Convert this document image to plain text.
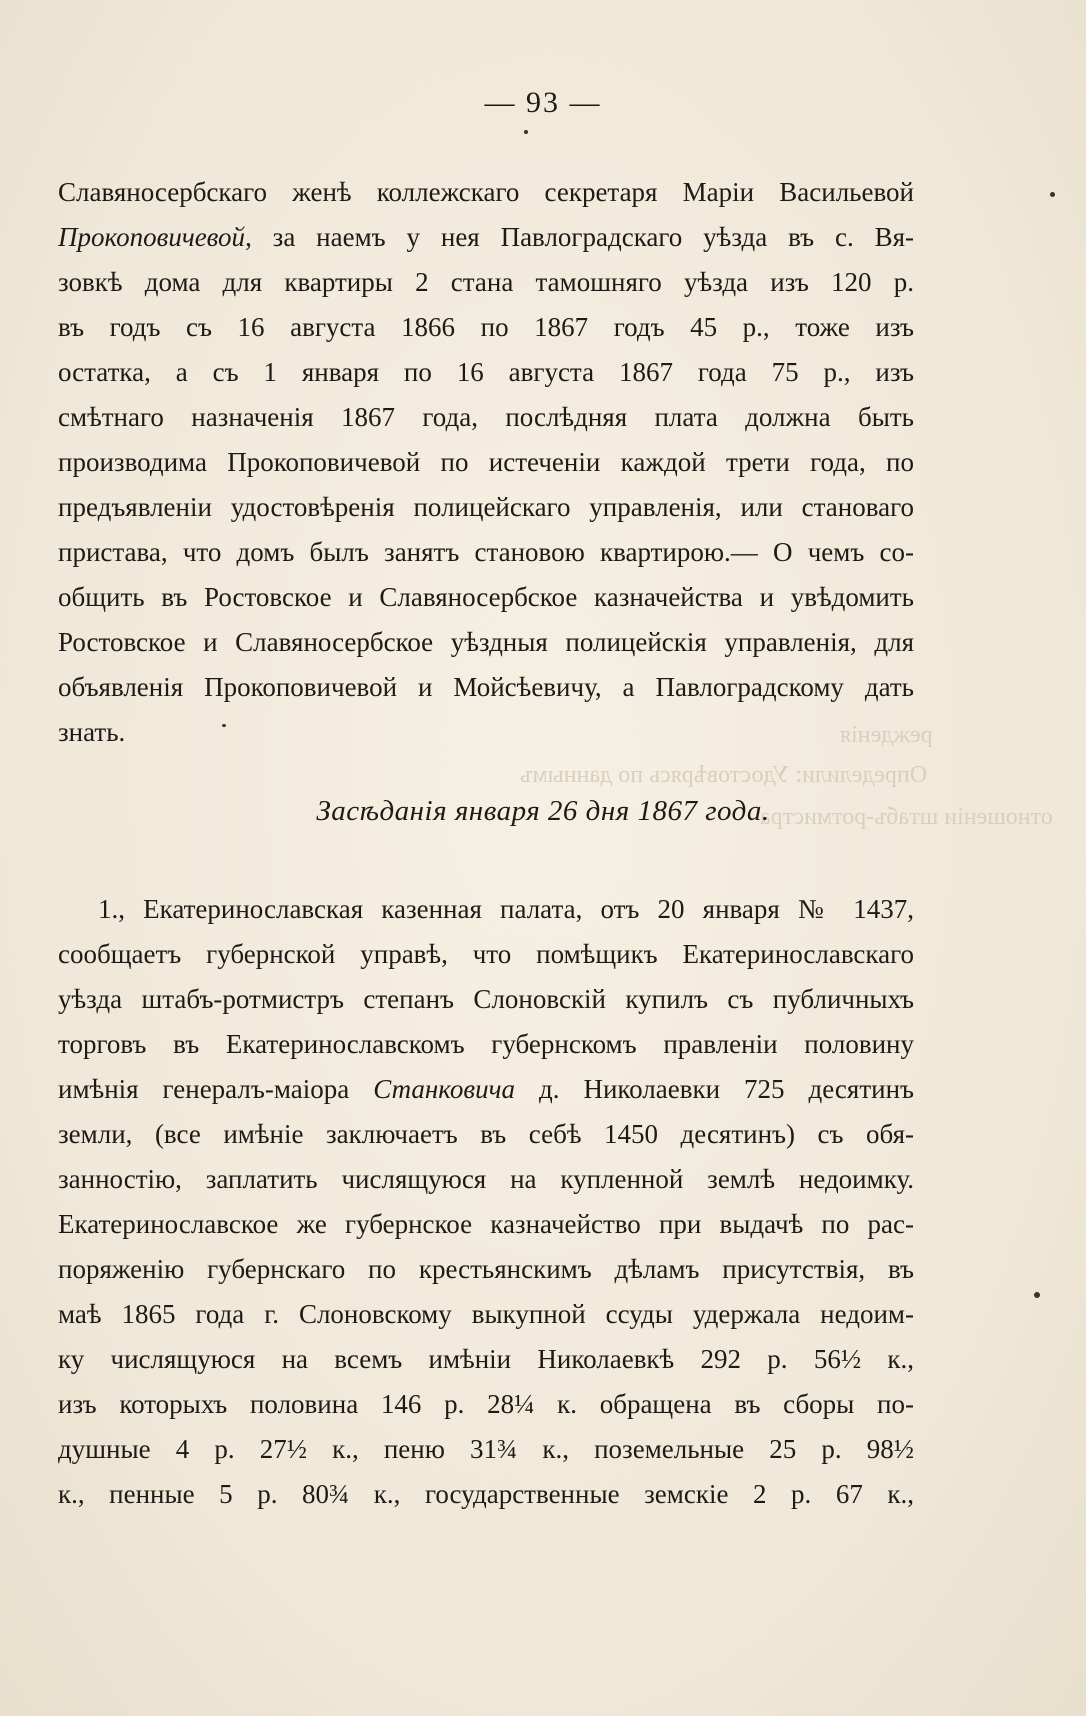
— 93 —
режденія
Определили: Удостовѣрясь по даннымъ
отношеніи штабъ-ротмистра
Славяносербскаго женѣ коллежскаго секретаря Маріи Васильевой
Прокоповичевой, за наемъ у нея Павлоградскаго уѣзда въ с. Вя-
зовкѣ дома для квартиры 2 стана тамошняго уѣзда изъ 120 р.
въ годъ съ 16 августа 1866 по 1867 годъ 45 р., тоже изъ
остатка, а съ 1 января по 16 августа 1867 года 75 р., изъ
смѣтнаго назначенія 1867 года, послѣдняя плата должна быть
производима Прокоповичевой по истеченіи каждой трети года, по
предъявленіи удостовѣренія полицейскаго управленія, или становаго
пристава, что домъ былъ занятъ становою квартирою.— О чемъ со-
общить въ Ростовское и Славяносербское казначейства и увѣдомить
Ростовское и Славяносербское уѣздныя полицейскія управленія, для
объявленія Прокоповичевой и Мойсѣевичу, а Павлоградскому дать
знать.
Засѣданія января 26 дня 1867 года.
1., Екатеринославская казенная палата, отъ 20 января № 1437,
сообщаетъ губернской управѣ, что помѣщикъ Екатеринославскаго
уѣзда штабъ-ротмистръ степанъ Слоновскій купилъ съ публичныхъ
торговъ въ Екатеринославскомъ губернскомъ правленіи половину
имѣнія генералъ-маіора Станковича д. Николаевки 725 десятинъ
земли, (все имѣніе заключаетъ въ себѣ 1450 десятинъ) съ обя-
занностію, заплатить числящуюся на купленной землѣ недоимку.
Екатеринославское же губернское казначейство при выдачѣ по рас-
поряженію губернскаго по крестьянскимъ дѣламъ присутствія, въ
маѣ 1865 года г. Слоновскому выкупной ссуды удержала недоим-
ку числящуюся на всемъ имѣніи Николаевкѣ 292 р. 56½ к.,
изъ которыхъ половина 146 р. 28¼ к. обращена въ сборы по-
душные 4 р. 27½ к., пеню 31¾ к., поземельные 25 р. 98½
к., пенные 5 р. 80¾ к., государственные земскіе 2 р. 67 к.,
